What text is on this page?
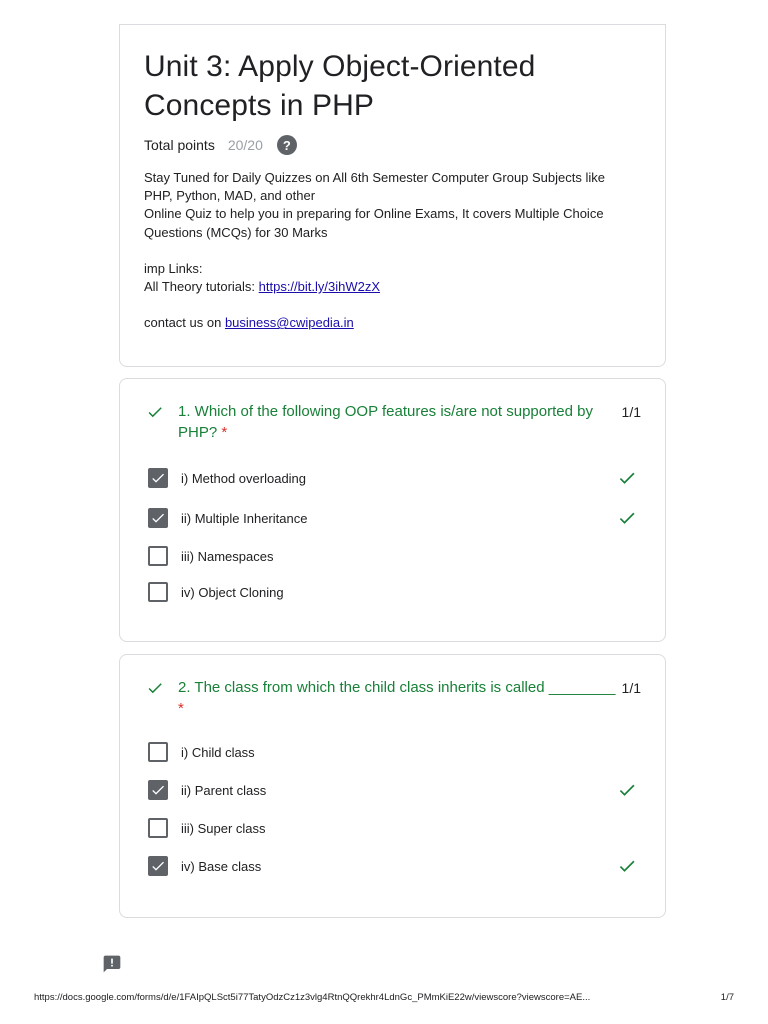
Unit 3: Apply Object-Oriented
Concepts in PHP
Total points 20/20	?

Stay Tuned for Daily Quizzes on All 6th Semester Computer Group Subjects like

PHP, Python, MAD, and other

Online Quiz to help you in preparing for Online Exams, It covers Multiple Choice

Questions (MCQs) for 30 Marks

imp Links:

All Theory tutorials: https://bit.ly/3ihW2zX

contact us on business@cwipedia.in

1. Which of the following OOP features is/are not supported by PHP? *
1/1
i) Method overloading
ii) Multiple Inheritance
iii) Namespaces
iv) Object Cloning
2. The class from which the child class inherits is called ________ *
1/1
i) Child class
ii) Parent class
iii) Super class
iv) Base class
https://docs.google.com/forms/d/e/1FAIpQLSct5i77TatyOdzCz1z3vlg4RtnQQrekhr4LdnGc_PMmKiE22w/viewscore?viewscore=AE...	1/7
